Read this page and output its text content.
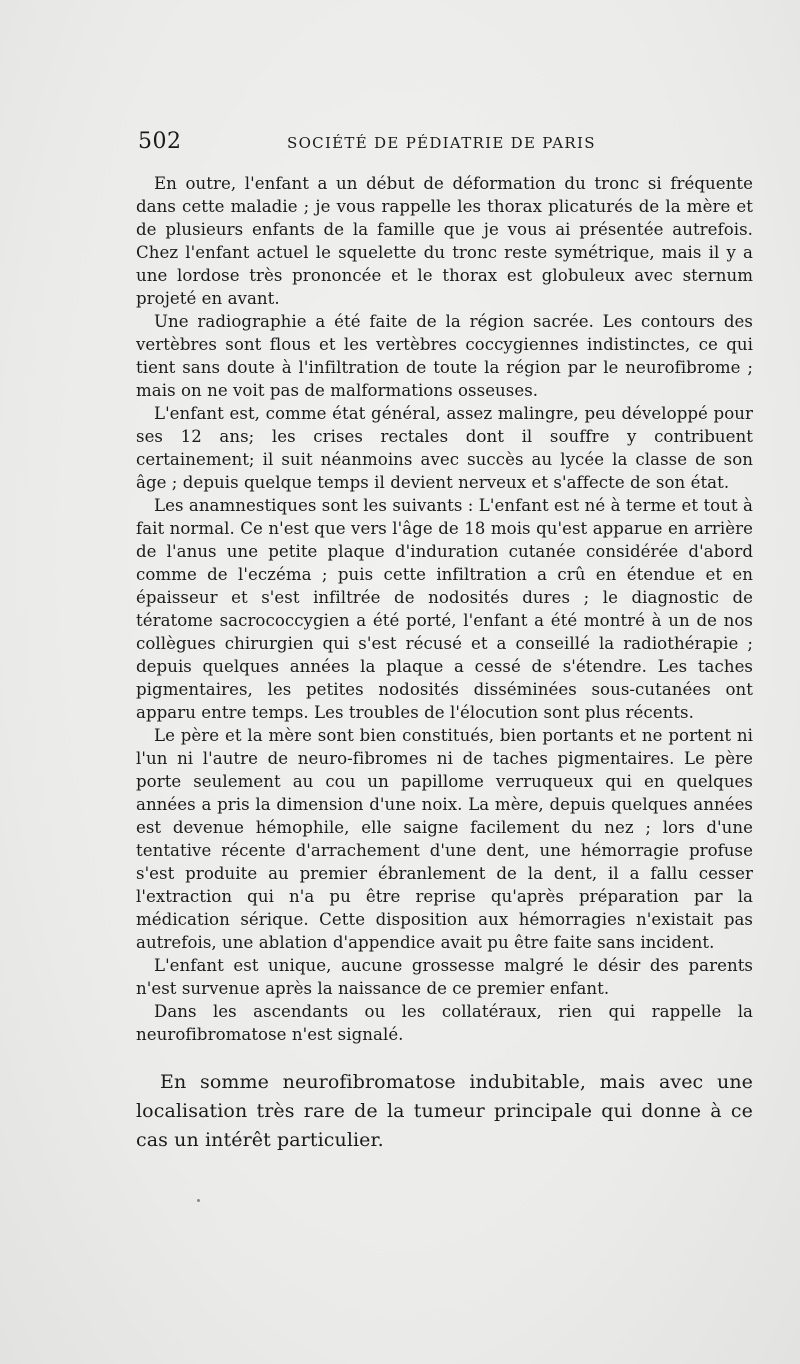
502	SOCIÉTÉ DE PÉDIATRIE DE PARIS

En outre, l'enfant a un début de déformation du tronc si fréquente dans cette maladie ; je vous rappelle les thorax plicaturés de la mère et de plusieurs enfants de la famille que je vous ai présentée autrefois. Chez l'enfant actuel le squelette du tronc reste symétrique, mais il y a une lordose très prononcée et le thorax est globuleux avec sternum projeté en avant.

Une radiographie a été faite de la région sacrée. Les contours des vertèbres sont flous et les vertèbres coccygiennes indistinctes, ce qui tient sans doute à l'infiltration de toute la région par le neurofibrome ; mais on ne voit pas de malformations osseuses.

L'enfant est, comme état général, assez malingre, peu développé pour ses 12 ans; les crises rectales dont il souffre y contribuent certainement; il suit néanmoins avec succès au lycée la classe de son âge ; depuis quelque temps il devient nerveux et s'affecte de son état.

Les anamnestiques sont les suivants : L'enfant est né à terme et tout à fait normal. Ce n'est que vers l'âge de 18 mois qu'est apparue en arrière de l'anus une petite plaque d'induration cutanée considérée d'abord comme de l'eczéma ; puis cette infiltration a crû en étendue et en épaisseur et s'est infiltrée de nodosités dures ; le diagnostic de tératome sacrococcygien a été porté, l'enfant a été montré à un de nos collègues chirurgien qui s'est récusé et a conseillé la radiothérapie ; depuis quelques années la plaque a cessé de s'étendre. Les taches pigmentaires, les petites nodosités disséminées sous-cutanées ont apparu entre temps. Les troubles de l'élocution sont plus récents.

Le père et la mère sont bien constitués, bien portants et ne portent ni l'un ni l'autre de neuro-fibromes ni de taches pigmentaires. Le père porte seulement au cou un papillome verruqueux qui en quelques années a pris la dimension d'une noix. La mère, depuis quelques années est devenue hémophile, elle saigne facilement du nez ; lors d'une tentative récente d'arrachement d'une dent, une hémorragie profuse s'est produite au premier ébranlement de la dent, il a fallu cesser l'extraction qui n'a pu être reprise qu'après préparation par la médication sérique. Cette disposition aux hémorragies n'existait pas autrefois, une ablation d'appendice avait pu être faite sans incident.

L'enfant est unique, aucune grossesse malgré le désir des parents n'est survenue après la naissance de ce premier enfant.

Dans les ascendants ou les collatéraux, rien qui rappelle la neurofibromatose n'est signalé.

En somme neurofibromatose indubitable, mais avec une localisation très rare de la tumeur principale qui donne à ce cas un intérêt particulier.
